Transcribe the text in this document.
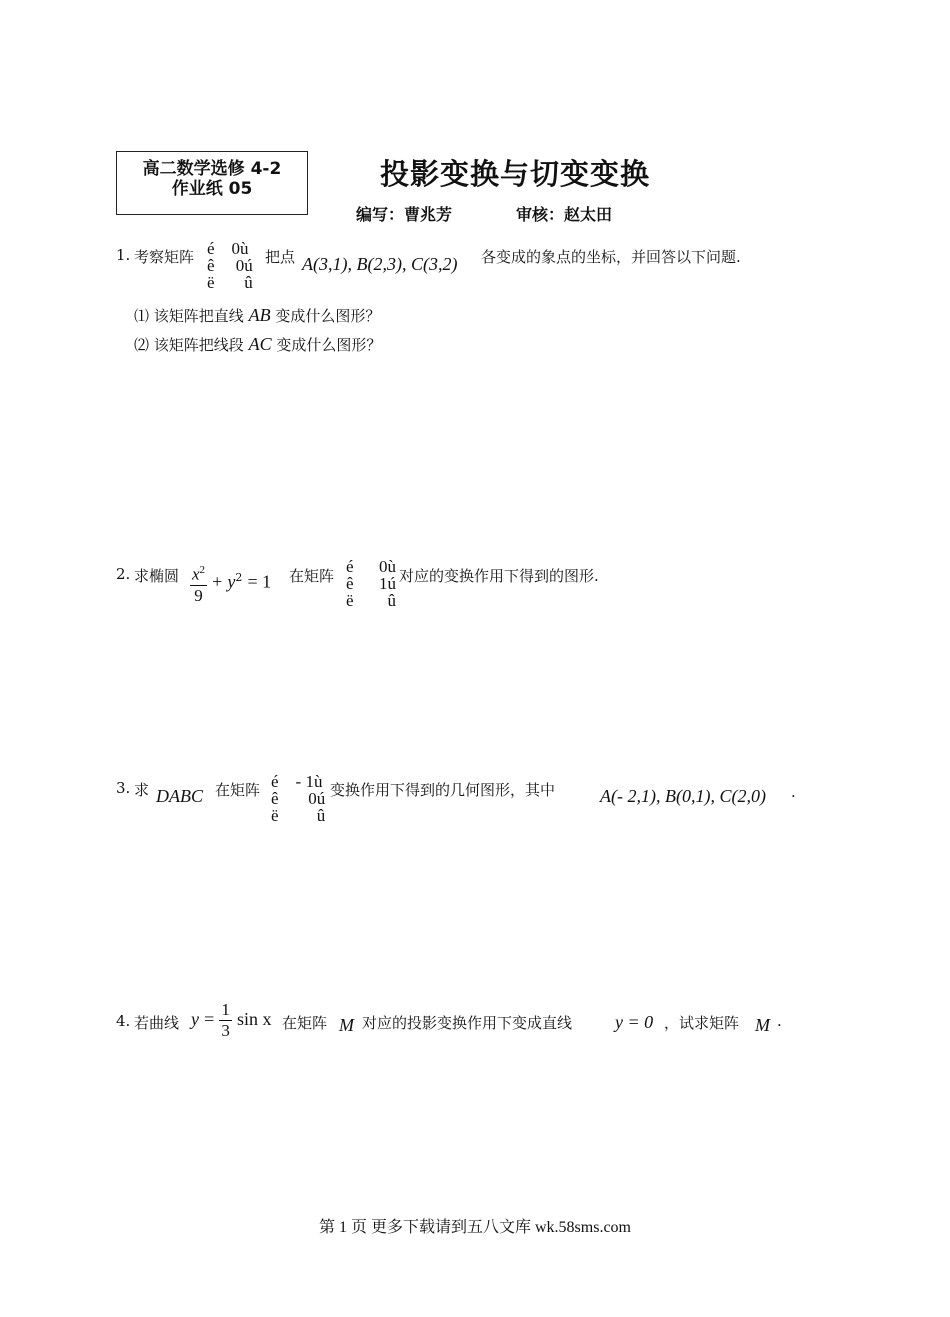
高二数学选修 4-2
作业纸 05	投影变换与切变变换
编写：曹兆芳	审核：赵太田
1. 考察矩阵 é 0ù
ê 0ú
ë û
把点 A(3,1), B(2,3), C(3,2) 各变成的象点的坐标，并回答以下问题.
⑴ 该矩阵把直线 AB 变成什么图形？
⑵ 该矩阵把线段 AC 变成什么图形？
2. 求椭圆 $\frac{x^2}{9} + y^2 = 1$ 在矩阵 é 0ù
ê 1ú
ë û
对应的变换作用下得到的图形.
3. 求 DABC 在矩阵 é - 1ù
ê 0ú
ë û
变换作用下得到的几何图形，其中 A(- 2,1), B(0,1), C(2,0) .
4. 若曲线 $y = \frac{1}{3}$ sin x 在矩阵 M 对应的投影变换作用下变成直线 y = 0 ，试求矩阵 M .
第 1 页 更多下载请到五八文库 wk.58sms.com
